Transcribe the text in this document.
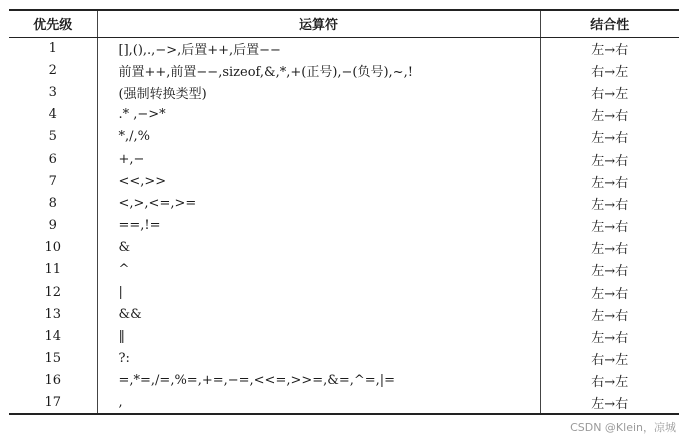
优先级	运算符	结合性
1	[],(),.,−>,后置++,后置−−	左→右
2	前置++,前置−−,sizeof,&,*,+(正号),−(负号),~,!	右→左
3	(强制转换类型)	右→左
4	.* ,−>*	左→右
5	*,/,%	左→右
6	+,−	左→右
7	<<,>>	左→右
8	<,>,<=,>=	左→右
9	==,!=	左→右
10	&	左→右
11	^	左→右
12	|	左→右
13	&&	左→右
14	‖	左→右
15	?:	右→左
16	=,*=,/=,%=,+=,−=,<<=,>>=,&=,^=,|=	右→左
17	,	左→右
CSDN @Klein，凉城
